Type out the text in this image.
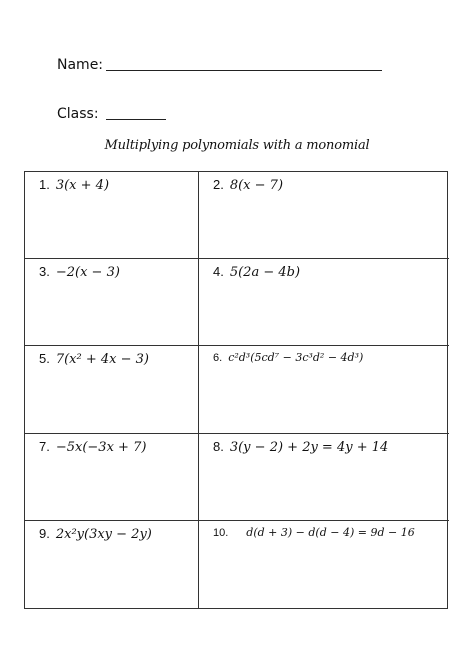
Name:
Class:
Multiplying polynomials with a monomial
1. 3(x + 4)	2. 8(x − 7)
3. −2(x − 3)	4. 5(2a − 4b)
5. 7(x² + 4x − 3)	6. c²d³(5cd⁷ − 3c³d² − 4d³)
7. −5x(−3x + 7)	8. 3(y − 2) + 2y = 4y + 14
9. 2x²y(3xy − 2y)	10. d(d + 3) − d(d − 4) = 9d − 16
